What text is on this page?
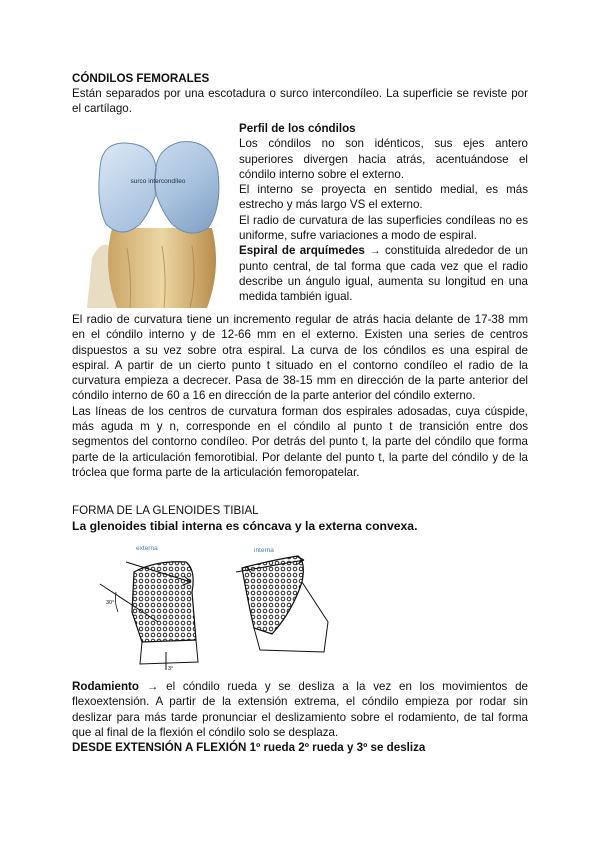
CÓNDILOS FEMORALES
Están separados por una escotadura o surco intercondíleo. La superficie se reviste por el cartílago.
surco intercondíleo

Perfil de los cóndilos

Los cóndilos no son idénticos, sus ejes antero superiores divergen hacia atrás, acentuándose el cóndilo interno sobre el externo.

El interno se proyecta en sentido medial, es más estrecho y más largo VS el externo.

El radio de curvatura de las superficies condíleas no es uniforme, sufre variaciones a modo de espiral.

Espiral de arquímedes → constituida alrededor de un punto central, de tal forma que cada vez que el radio describe un ángulo igual, aumenta su longitud en una medida también igual.

El radio de curvatura tiene un incremento regular de atrás hacia delante de 17-38 mm en el cóndilo interno y de 12-66 mm en el externo. Existen una series de centros dispuestos a su vez sobre otra espiral. La curva de los cóndilos es una espiral de espiral. A partir de un cierto punto t situado en el contorno condíleo el radio de la curvatura empieza a decrecer. Pasa de 38-15 mm en dirección de la parte anterior del cóndilo interno de 60 a 16 en dirección de la parte anterior del cóndilo externo.

Las líneas de los centros de curvatura forman dos espirales adosadas, cuya cúspide, más aguda m y n, corresponde en el cóndilo al punto t de transición entre dos segmentos del contorno condíleo. Por detrás del punto t, la parte del cóndilo que forma parte de la articulación femorotibial. Por delante del punto t, la parte del cóndilo y de la tróclea que forma parte de la articulación femoropatelar.

FORMA DE LA GLENOIDES TIBIAL
La glenoides tibial interna es cóncava y la externa convexa.
externa
30°
3°
interna

Rodamiento → el cóndilo rueda y se desliza a la vez en los movimientos de flexoextensión. A partir de la extensión extrema, el cóndilo empieza por rodar sin deslizar para más tarde pronunciar el deslizamiento sobre el rodamiento, de tal forma que al final de la flexión el cóndilo solo se desplaza.

DESDE EXTENSIÓN A FLEXIÓN 1º rueda 2º rueda y 3º se desliza
